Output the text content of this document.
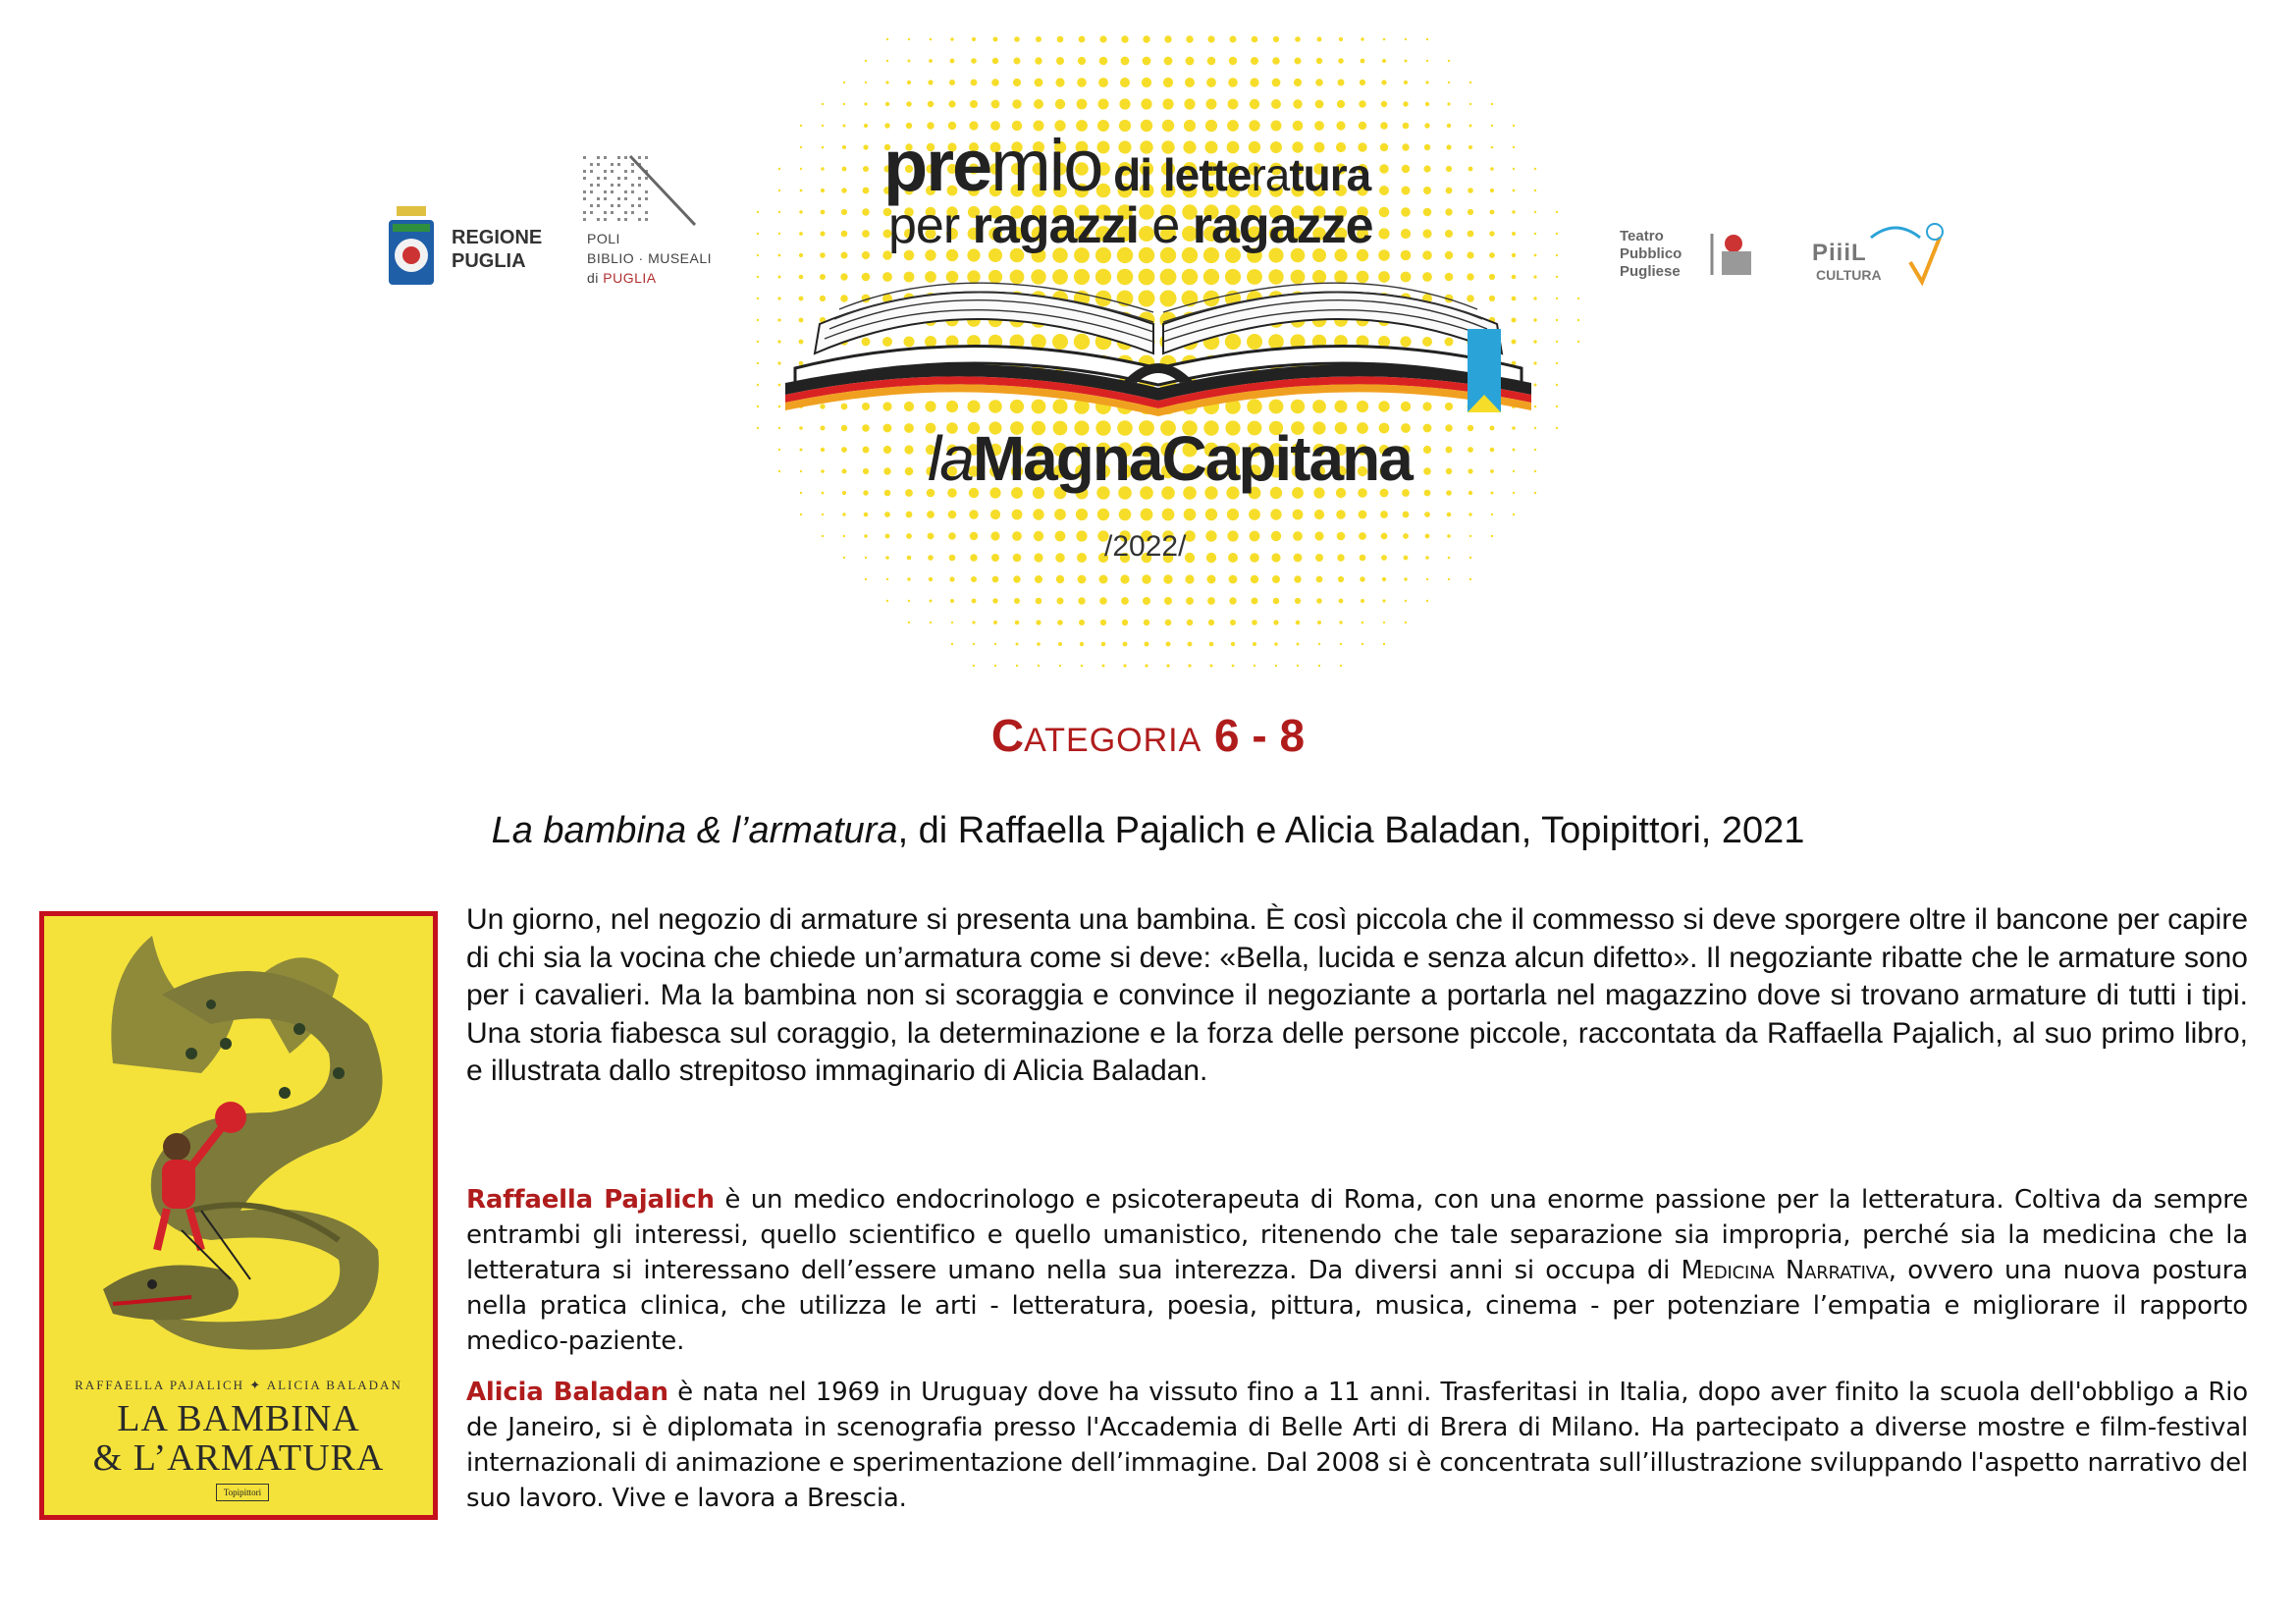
REGIONE
PUGLIA
POLI
BIBLIO · MUSEALI
di PUGLIA
premio di letteratura
per ragazzi e ragazze
laMagnaCapitana
/2022/
Teatro
Pubblico
Pugliese
PiiiL
CULTURA
CATEGORIA 6 - 8
La bambina & l’armatura, di Raffaella Pajalich e Alicia Baladan, Topipittori, 2021
RAFFAELLA PAJALICH ✦ ALICIA BALADAN
LA BAMBINA
& L’ARMATURA
Topipittori

Un giorno, nel negozio di armature si presenta una bambina. È così piccola che il commesso si deve sporgere oltre il bancone per capire di chi sia la vocina che chiede un’armatura come si deve: «Bella, lucida e senza alcun difetto». Il negoziante ribatte che le armature sono per i cavalieri. Ma la bambina non si scoraggia e convince il negoziante a portarla nel magazzino dove si trovano armature di tutti i tipi. Una storia fiabesca sul coraggio, la determinazione e la forza delle persone piccole, raccontata da Raffaella Pajalich, al suo primo libro, e illustrata dallo strepitoso immaginario di Alicia Baladan.

Raffaella Pajalich è un medico endocrinologo e psicoterapeuta di Roma, con una enorme passione per la letteratura. Coltiva da sempre entrambi gli interessi, quello scientifico e quello umanistico, ritenendo che tale separazione sia impropria, perché sia la medicina che la letteratura si interessano dell’essere umano nella sua interezza. Da diversi anni si occupa di Medicina Narrativa, ovvero una nuova postura nella pratica clinica, che utilizza le arti - letteratura, poesia, pittura, musica, cinema - per potenziare l’empatia e migliorare il rapporto medico-paziente.

Alicia Baladan è nata nel 1969 in Uruguay dove ha vissuto fino a 11 anni. Trasferitasi in Italia, dopo aver finito la scuola dell'obbligo a Rio de Janeiro, si è diplomata in scenografia presso l'Accademia di Belle Arti di Brera di Milano. Ha partecipato a diverse mostre e film-festival internazionali di animazione e sperimentazione dell’immagine. Dal 2008 si è concentrata sull’illustrazione sviluppando l'aspetto narrativo del suo lavoro. Vive e lavora a Brescia.
